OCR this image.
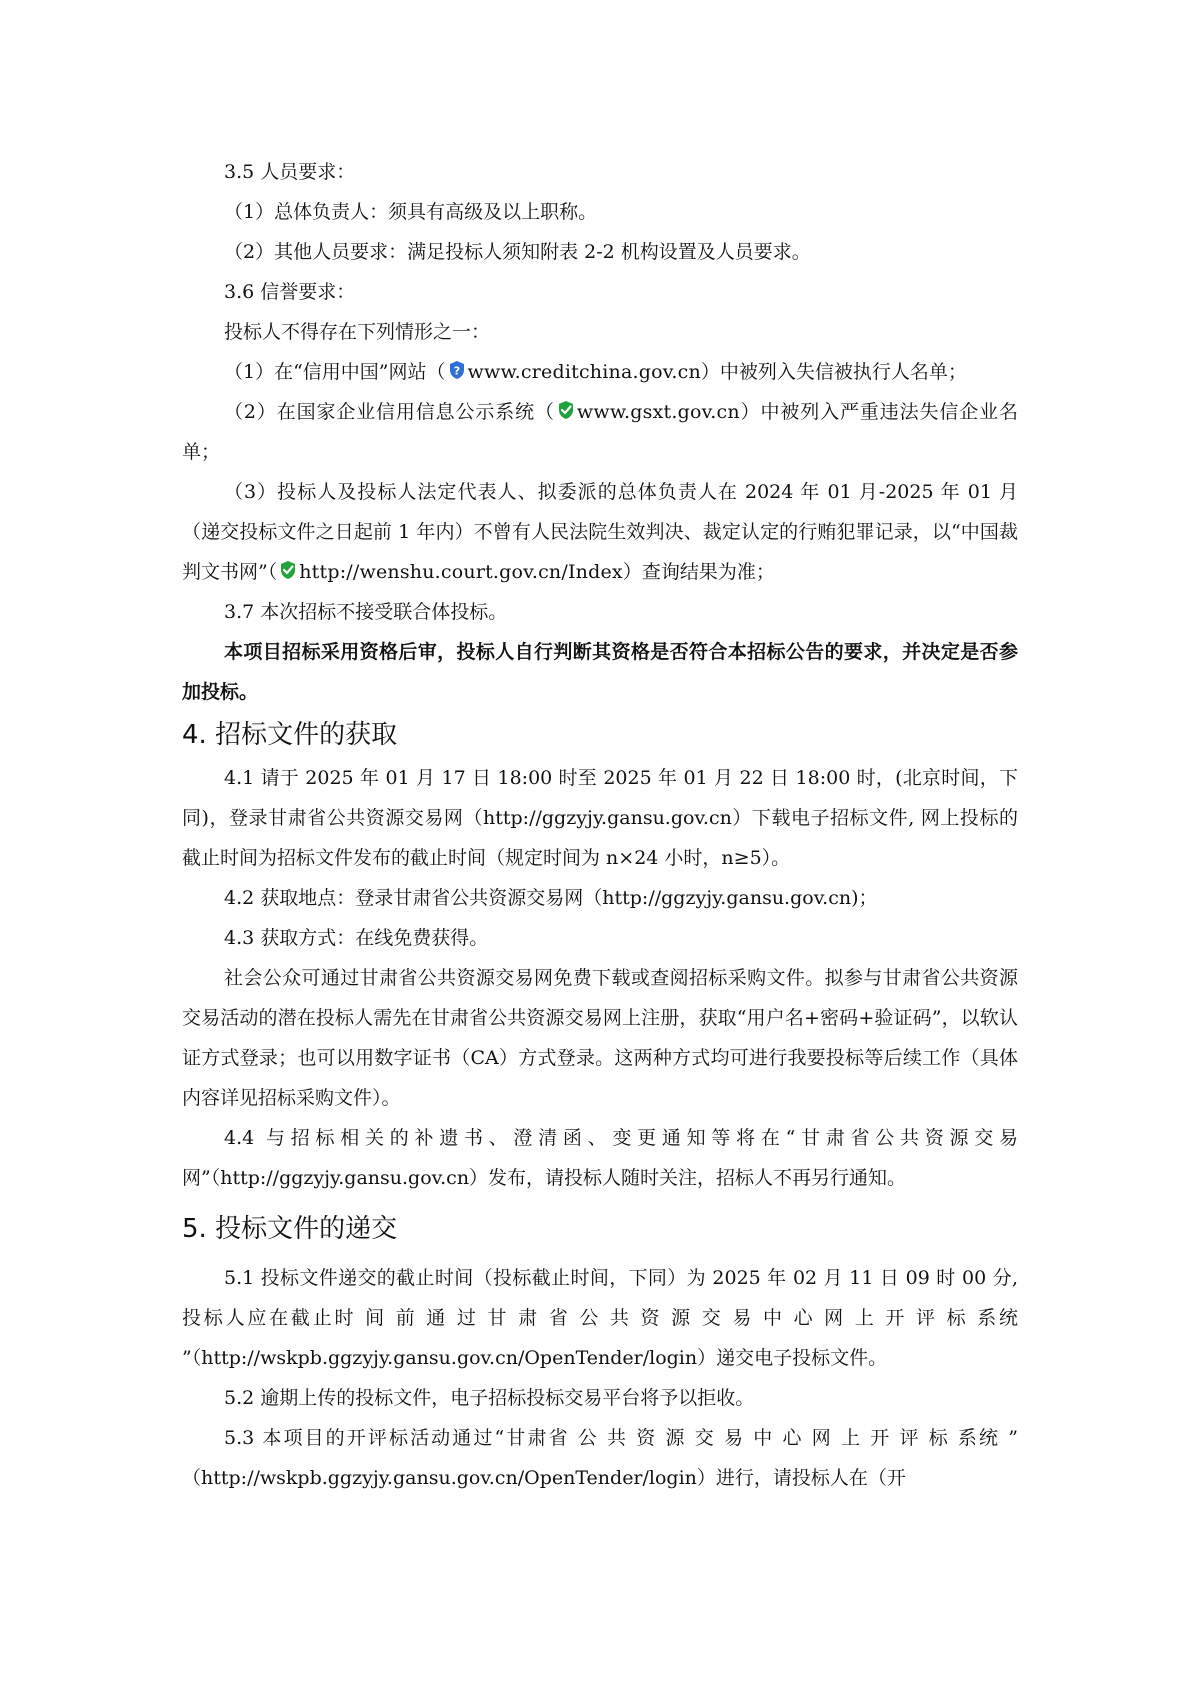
3.5 人员要求：

（1）总体负责人：须具有高级及以上职称。

（2）其他人员要求：满足投标人须知附表 2-2 机构设置及人员要求。

3.6 信誉要求：

投标人不得存在下列情形之一：

（1）在“信用中国”网站（ ? www.creditchina.gov.cn）中被列入失信被执行人名单；

（2）在国家企业信用信息公示系统（ www.gsxt.gov.cn）中被列入严重违法失信企业名单；

（3）投标人及投标人法定代表人、拟委派的总体负责人在 2024 年 01 月-2025 年 01 月（递交投标文件之日起前 1 年内）不曾有人民法院生效判决、裁定认定的行贿犯罪记录，以“中国裁判文书网”（ http://wenshu.court.gov.cn/Index）查询结果为准；

3.7 本次招标不接受联合体投标。

本项目招标采用资格后审，投标人自行判断其资格是否符合本招标公告的要求，并决定是否参加投标。

4. 招标文件的获取

4.1 请于 2025 年 01 月 17 日 18:00 时至 2025 年 01 月 22 日 18:00 时，(北京时间，下同)，登录甘肃省公共资源交易网（http://ggzyjy.gansu.gov.cn）下载电子招标文件, 网上投标的截止时间为招标文件发布的截止时间（规定时间为 n×24 小时，n≥5）。

4.2 获取地点：登录甘肃省公共资源交易网（http://ggzyjy.gansu.gov.cn)；

4.3 获取方式：在线免费获得。

社会公众可通过甘肃省公共资源交易网免费下载或查阅招标采购文件。拟参与甘肃省公共资源交易活动的潜在投标人需先在甘肃省公共资源交易网上注册，获取“用户名+密码+验证码”，以软认证方式登录；也可以用数字证书（CA）方式登录。这两种方式均可进行我要投标等后续工作（具体内容详见招标采购文件）。

4.4 与招标相关的补遗书、澄清函、变更通知等将在“甘肃省公共资源交易网”（http://ggzyjy.gansu.gov.cn）发布，请投标人随时关注，招标人不再另行通知。

5. 投标文件的递交

5.1 投标文件递交的截止时间（投标截止时间，下同）为 2025 年 02 月 11 日 09 时 00 分,投标人应在截止时 间 前 通 过 甘 肃 省 公 共 资 源 交 易 中 心 网 上 开 评 标 系统 ”（http://wskpb.ggzyjy.gansu.gov.cn/OpenTender/login）递交电子投标文件。

5.2 逾期上传的投标文件，电子招标投标交易平台将予以拒收。

5.3 本项目的开评标活动通过“甘肃省 公 共 资 源 交 易 中 心 网 上 开 评 标 系统 ” （http://wskpb.ggzyjy.gansu.gov.cn/OpenTender/login）进行，请投标人在（开
